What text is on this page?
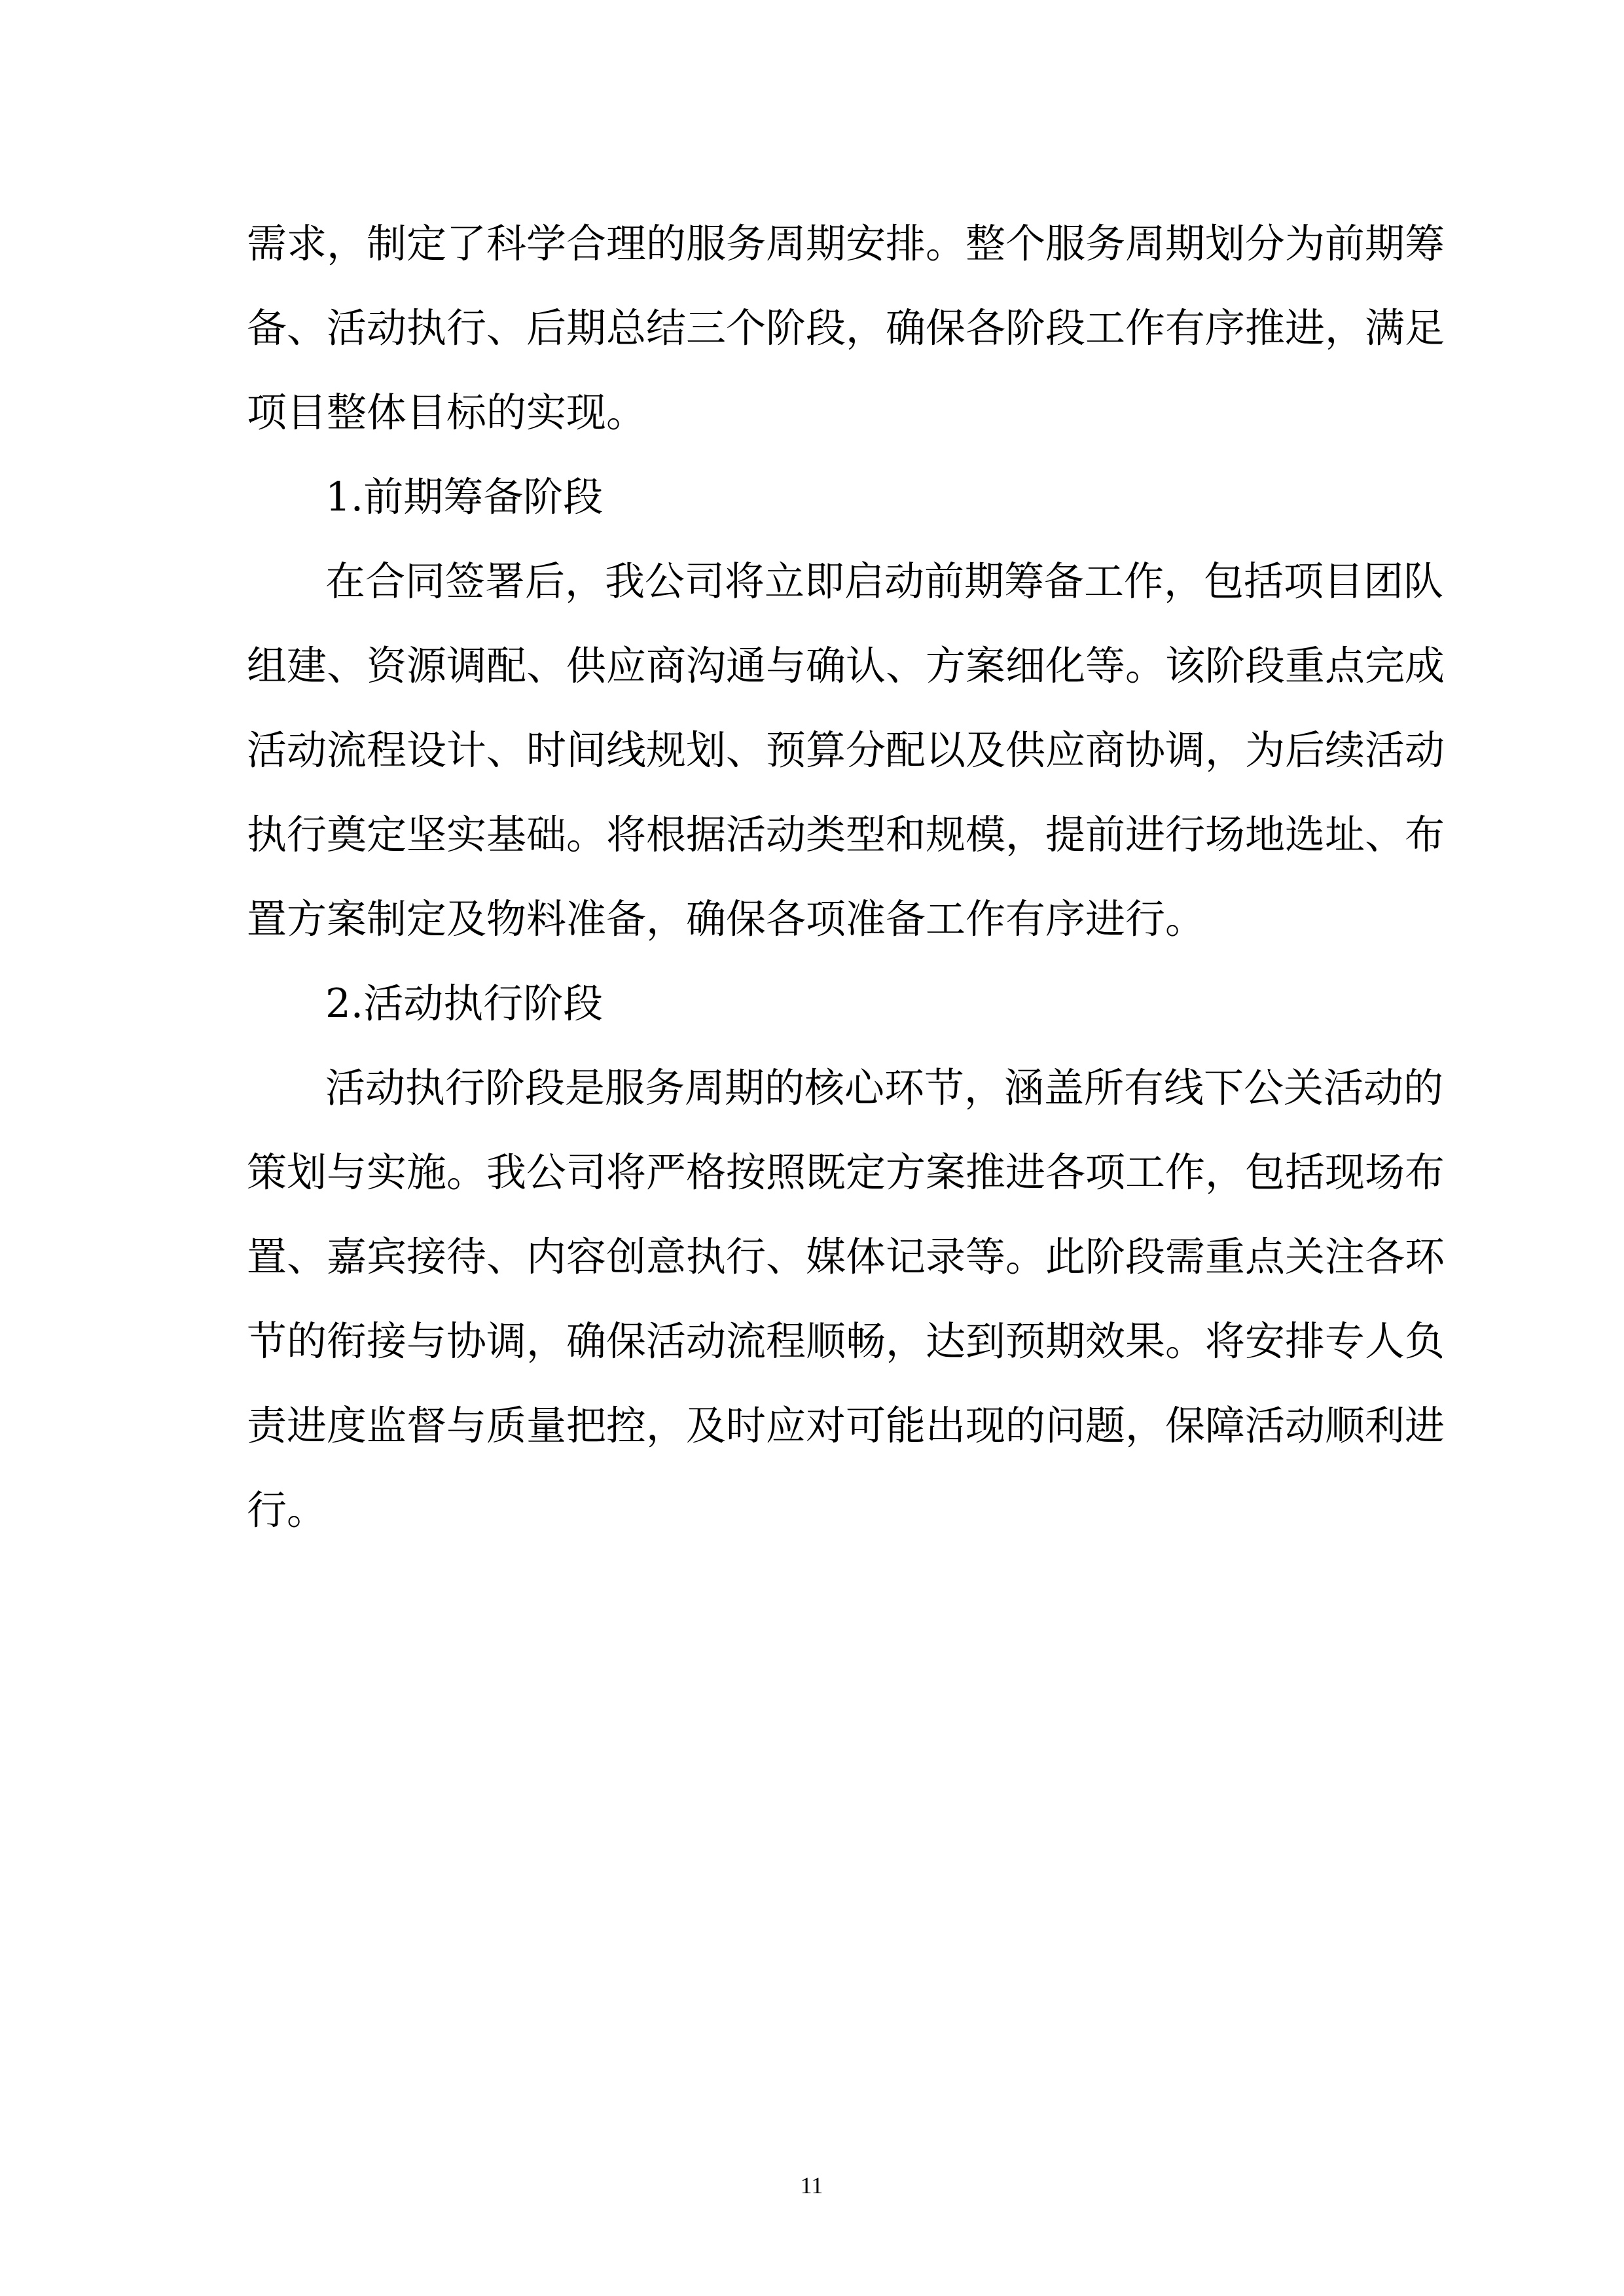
需求，制定了科学合理的服务周期安排。整个服务周期划分为前期筹
备、活动执行、后期总结三个阶段，确保各阶段工作有序推进，满足
项目整体目标的实现。
1.前期筹备阶段
在合同签署后，我公司将立即启动前期筹备工作，包括项目团队
组建、资源调配、供应商沟通与确认、方案细化等。该阶段重点完成
活动流程设计、时间线规划、预算分配以及供应商协调，为后续活动
执行奠定坚实基础。将根据活动类型和规模，提前进行场地选址、布
置方案制定及物料准备，确保各项准备工作有序进行。
2.活动执行阶段
活动执行阶段是服务周期的核心环节，涵盖所有线下公关活动的
策划与实施。我公司将严格按照既定方案推进各项工作，包括现场布
置、嘉宾接待、内容创意执行、媒体记录等。此阶段需重点关注各环
节的衔接与协调，确保活动流程顺畅，达到预期效果。将安排专人负
责进度监督与质量把控，及时应对可能出现的问题，保障活动顺利进
行。
11
